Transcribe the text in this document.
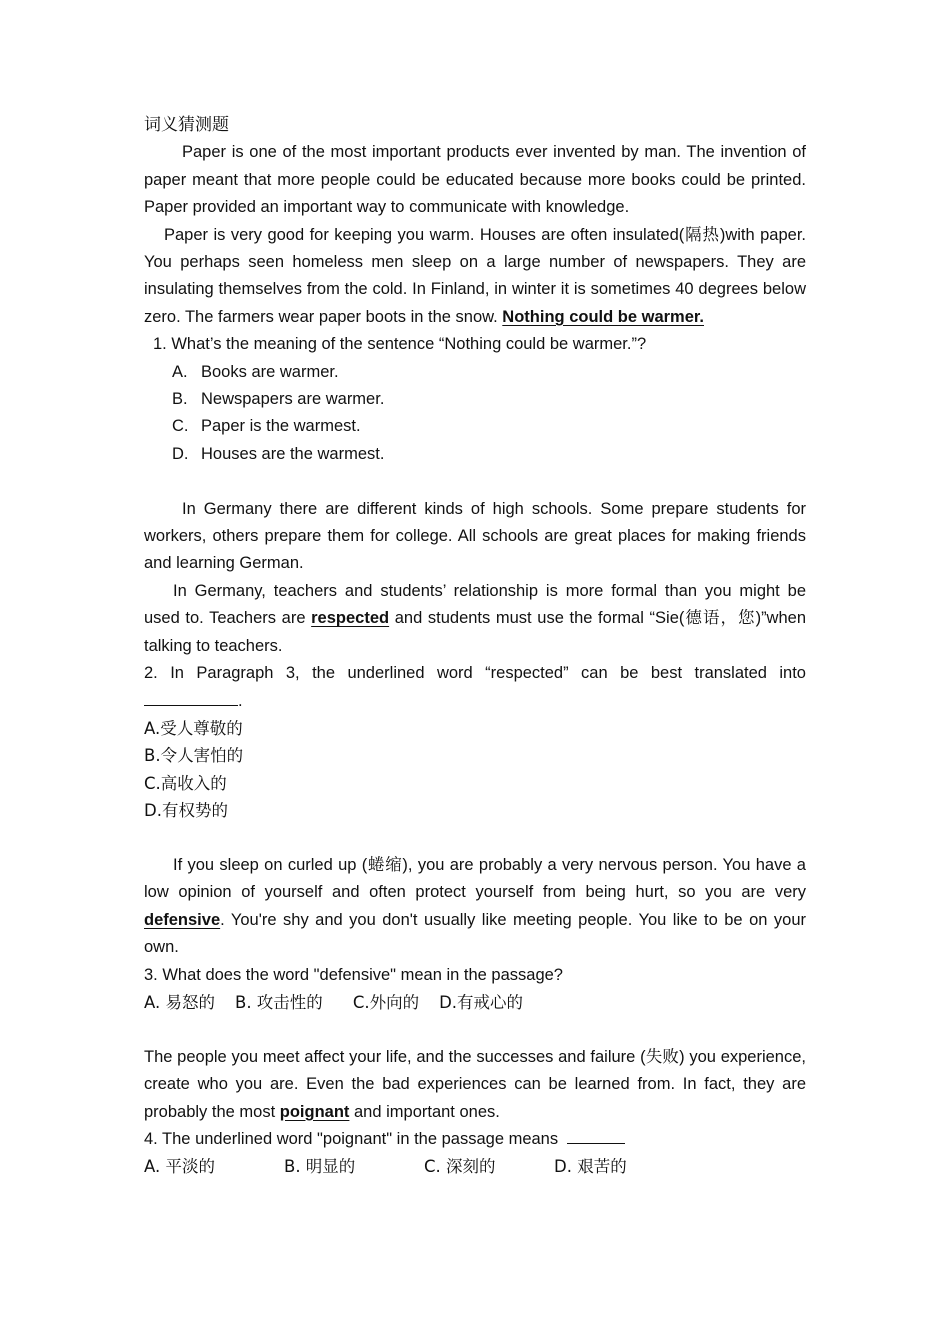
词义猜测题

Paper is one of the most important products ever invented by man. The invention of paper meant that more people could be educated because more books could be printed. Paper provided an important way to communicate with knowledge.

Paper is very good for keeping you warm. Houses are often insulated(隔热)with paper. You perhaps seen homeless men sleep on a large number of newspapers. They are insulating themselves from the cold. In Finland, in winter it is sometimes 40 degrees below zero. The farmers wear paper boots in the snow. Nothing could be warmer.

1. What’s the meaning of the sentence “Nothing could be warmer.”?

A. Books are warmer.
B. Newspapers are warmer.
C. Paper is the warmest.
D. Houses are the warmest.

In Germany there are different kinds of high schools. Some prepare students for workers, others prepare them for college. All schools are great places for making friends and learning German.

In Germany, teachers and students’ relationship is more formal than you might be used to. Teachers are respected and students must use the formal “Sie(德语，您)”when talking to teachers.

2. In Paragraph 3, the underlined word “respected” can be best translated into

.

A.受人尊敬的

B.令人害怕的

C.高收入的

D.有权势的

If you sleep on curled up (蜷缩), you are probably a very nervous person. You have a low opinion of yourself and often protect yourself from being hurt, so you are very defensive. You're shy and you don't usually like meeting people. You like to be on your own.

3. What does the word "defensive" mean in the passage?

A. 易怒的 B. 攻击性的 C.外向的 D.有戒心的

The people you meet affect your life, and the successes and failure (失败) you experience, create who you are. Even the bad experiences can be learned from. In fact, they are probably the most poignant and important ones.

4. The underlined word "poignant" in the passage means

A. 平淡的	B. 明显的	C. 深刻的	D. 艰苦的
